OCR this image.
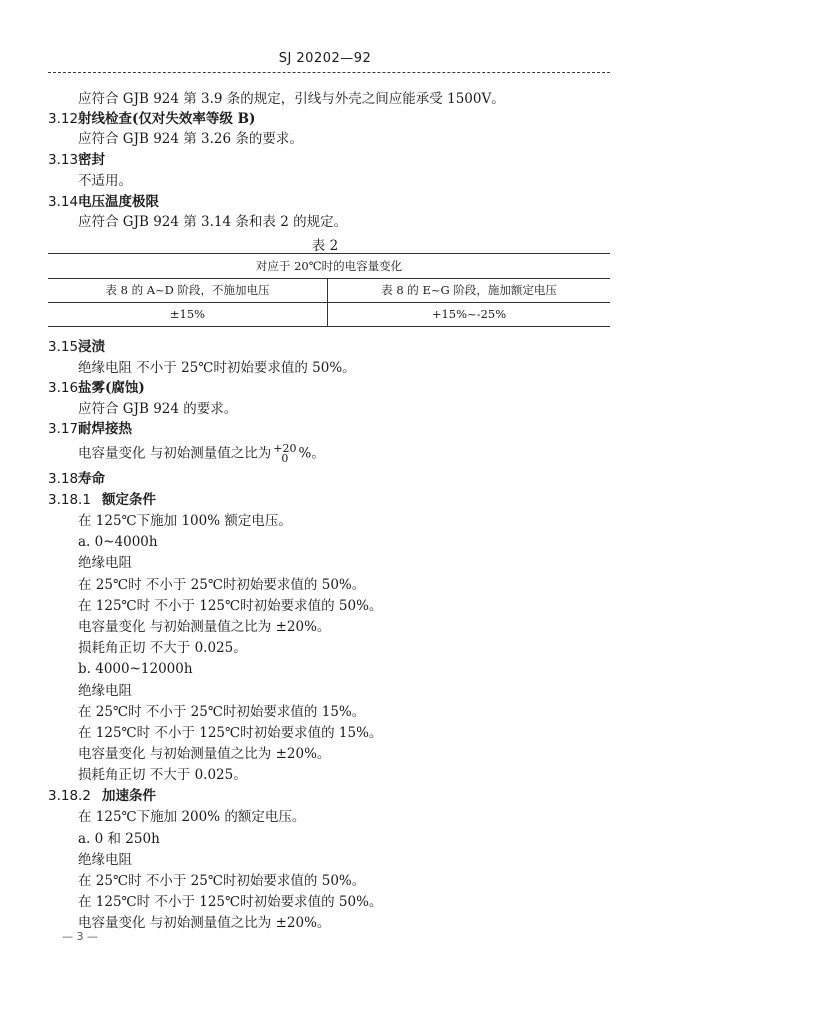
SJ 20202—92
应符合 GJB 924 第 3.9 条的规定，引线与外壳之间应能承受 1500V。
3.12 射线检查(仅对失效率等级 B)
应符合 GJB 924 第 3.26 条的要求。
3.13 密封
不适用。
3.14 电压温度极限
应符合 GJB 924 第 3.14 条和表 2 的规定。
表 2
对应于 20℃时的电容量变化
表 8 的 A~D 阶段，不施加电压	表 8 的 E~G 阶段，施加额定电压
±15%	+15%~-25%
3.15 浸渍
绝缘电阻 不小于 25℃时初始要求值的 50%。
3.16 盐雾(腐蚀)
应符合 GJB 924 的要求。
3.17 耐焊接热
电容量变化 与初始测量值之比为 +20
0 %。
3.18 寿命
3.18.1 额定条件
在 125℃下施加 100% 额定电压。
a. 0~4000h
绝缘电阻
在 25℃时 不小于 25℃时初始要求值的 50%。
在 125℃时 不小于 125℃时初始要求值的 50%。
电容量变化 与初始测量值之比为 ±20%。
损耗角正切 不大于 0.025。
b. 4000~12000h
绝缘电阻
在 25℃时 不小于 25℃时初始要求值的 15%。
在 125℃时 不小于 125℃时初始要求值的 15%。
电容量变化 与初始测量值之比为 ±20%。
损耗角正切 不大于 0.025。
3.18.2 加速条件
在 125℃下施加 200% 的额定电压。
a. 0 和 250h
绝缘电阻
在 25℃时 不小于 25℃时初始要求值的 50%。
在 125℃时 不小于 125℃时初始要求值的 50%。
电容量变化 与初始测量值之比为 ±20%。
— 3 —
